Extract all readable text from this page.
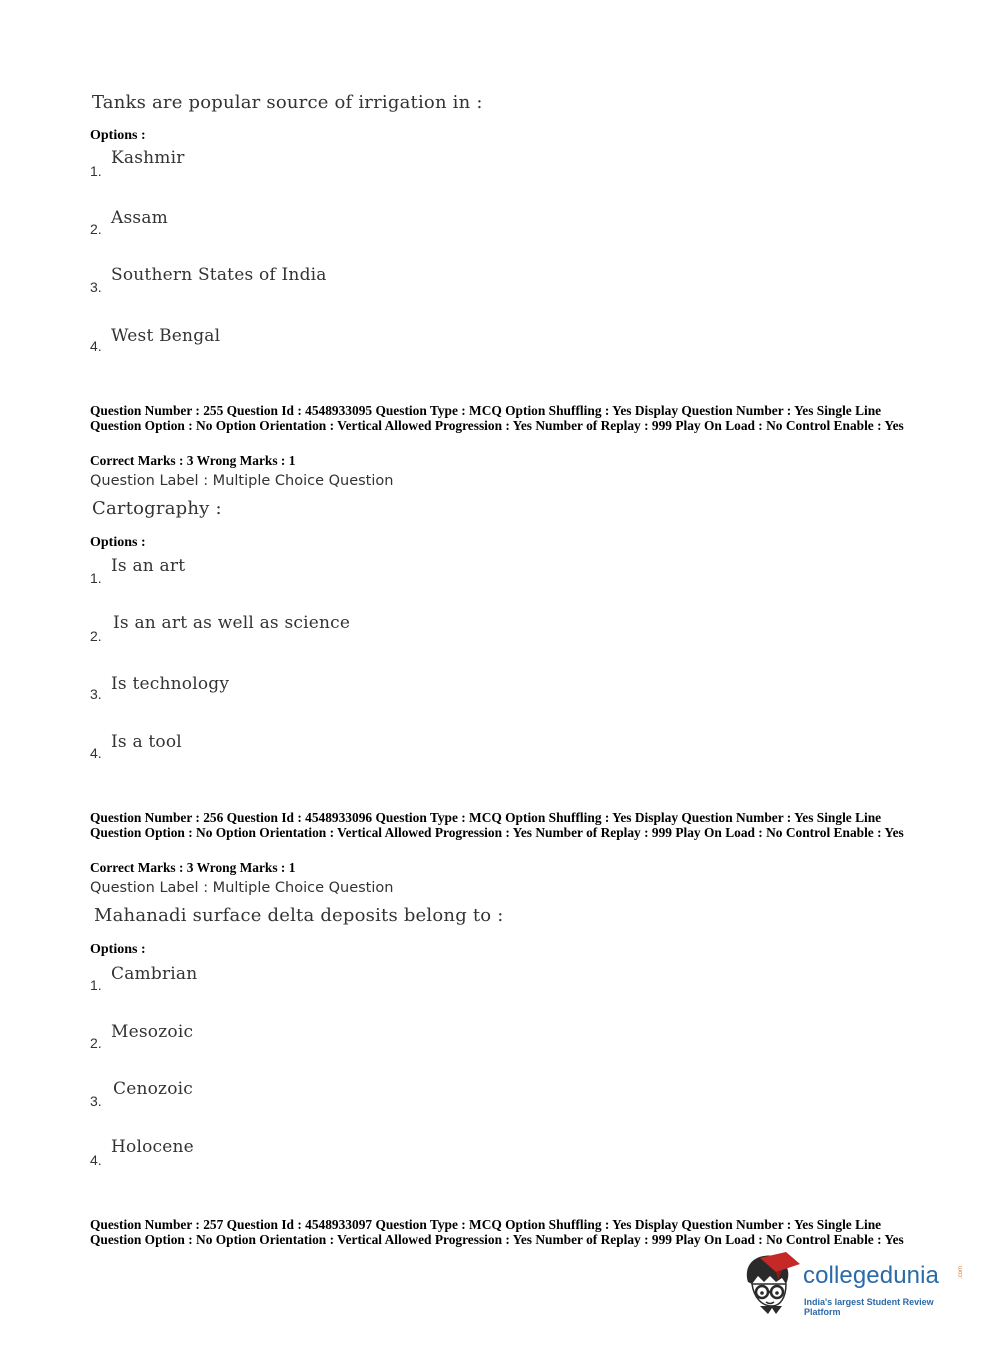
Tanks are popular source of irrigation in :
Options :
1.
Kashmir
2.
Assam
3.
Southern States of India
4. West Bengal
Question Number : 255 Question Id : 4548933095 Question Type : MCQ Option Shuffling : Yes Display Question Number : Yes Single Line Question Option : No Option Orientation : Vertical Allowed Progression : Yes Number of Replay : 999 Play On Load : No Control Enable : Yes
Correct Marks : 3 Wrong Marks : 1
Question Label : Multiple Choice Question
Cartography :
Options :
1.
Is an art
2.
Is an art as well as science
3. Is technology
4.
Is a tool
Question Number : 256 Question Id : 4548933096 Question Type : MCQ Option Shuffling : Yes Display Question Number : Yes Single Line Question Option : No Option Orientation : Vertical Allowed Progression : Yes Number of Replay : 999 Play On Load : No Control Enable : Yes
Correct Marks : 3 Wrong Marks : 1
Question Label : Multiple Choice Question
Mahanadi surface delta deposits belong to :
Options :
1.
Cambrian
2.
Mesozoic
3.
Cenozoic
4.
Holocene
Question Number : 257 Question Id : 4548933097 Question Type : MCQ Option Shuffling : Yes Display Question Number : Yes Single Line Question Option : No Option Orientation : Vertical Allowed Progression : Yes Number of Replay : 999 Play On Load : No Control Enable : Yes
collegedunia	.com
India's largest Student Review Platform
